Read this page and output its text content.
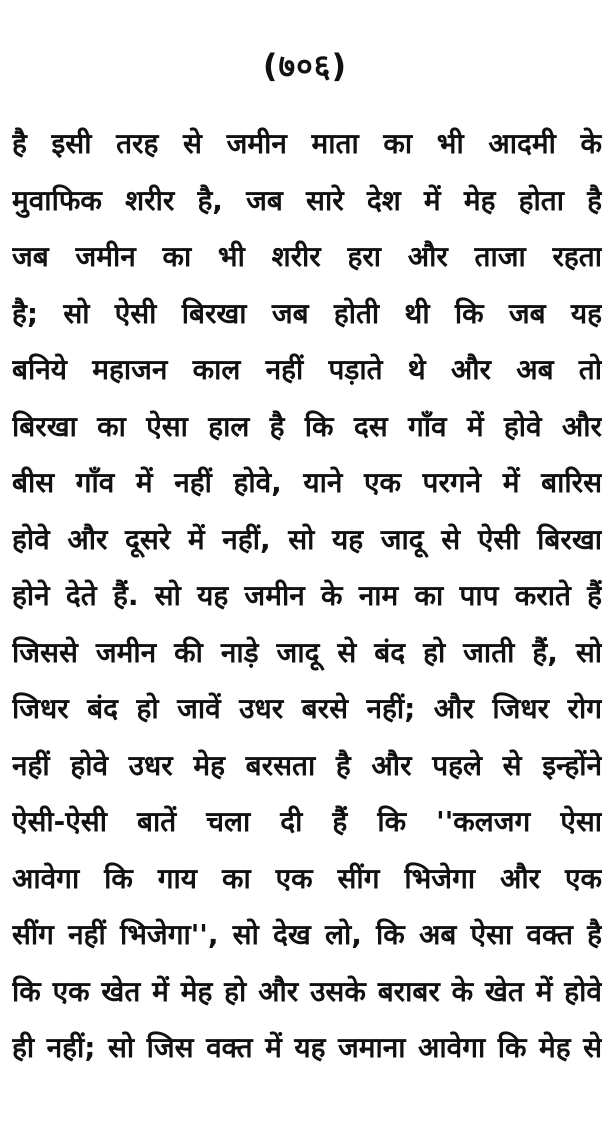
(७०६)
है इसी तरह से जमीन माता का भी आदमी के
मुवाफिक शरीर है, जब सारे देश में मेह होता है
जब जमीन का भी शरीर हरा और ताजा रहता
है; सो ऐसी बिरखा जब होती थी कि जब यह
बनिये महाजन काल नहीं पड़ाते थे और अब तो
बिरखा का ऐसा हाल है कि दस गाँव में होवे और
बीस गाँव में नहीं होवे, याने एक परगने में बारिस
होवे और दूसरे में नहीं, सो यह जादू से ऐसी बिरखा
होने देते हैं. सो यह जमीन के नाम का पाप कराते हैं
जिससे जमीन की नाड़े जादू से बंद हो जाती हैं, सो
जिधर बंद हो जावें उधर बरसे नहीं; और जिधर रोग
नहीं होवे उधर मेह बरसता है और पहले से इन्होंने
ऐसी-ऐसी बातें चला दी हैं कि ''कलजग ऐसा
आवेगा कि गाय का एक सींग भिजेगा और एक
सींग नहीं भिजेगा'', सो देख लो, कि अब ऐसा वक्त है
कि एक खेत में मेह हो और उसके बराबर के खेत में होवे
ही नहीं; सो जिस वक्त में यह जमाना आवेगा कि मेह से
